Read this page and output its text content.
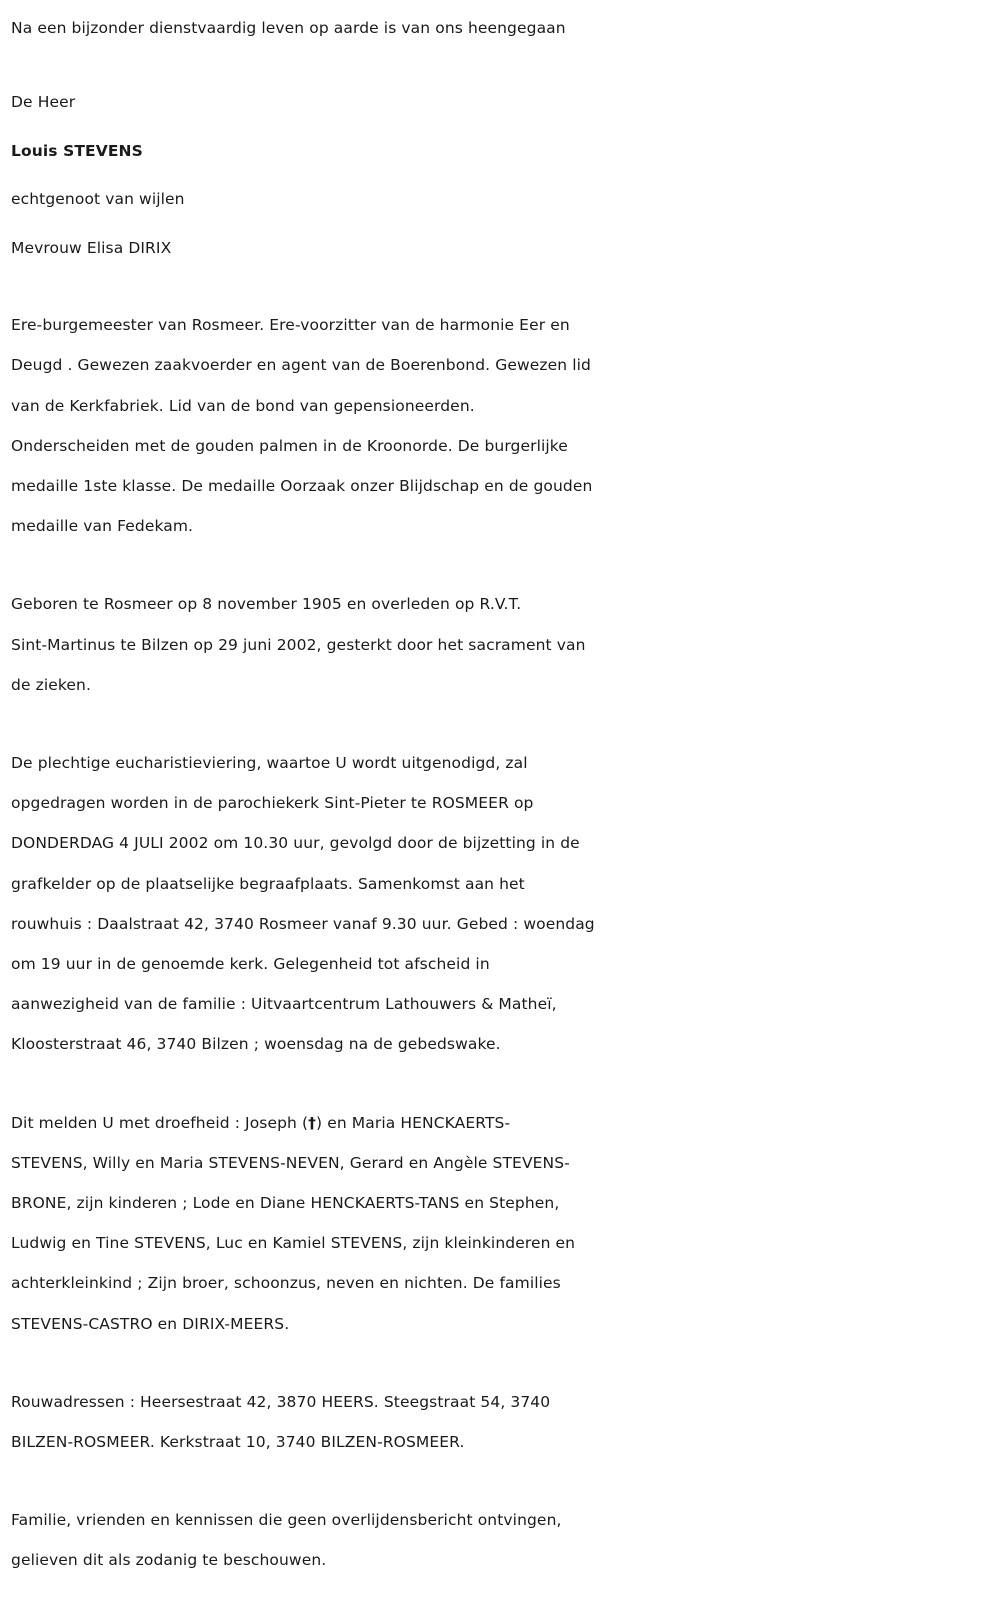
Na een bijzonder dienstvaardig leven op aarde is van ons heengegaan

De Heer
Louis STEVENS
echtgenoot van wijlen
Mevrouw Elisa DIRIX

Ere-burgemeester van Rosmeer. Ere-voorzitter van de harmonie Eer en
Deugd . Gewezen zaakvoerder en agent van de Boerenbond. Gewezen lid
van de Kerkfabriek. Lid van de bond van gepensioneerden.
Onderscheiden met de gouden palmen in de Kroonorde. De burgerlijke
medaille 1ste klasse. De medaille Oorzaak onzer Blijdschap en de gouden
medaille van Fedekam.

Geboren te Rosmeer op 8 november 1905 en overleden op R.V.T.
Sint-Martinus te Bilzen op 29 juni 2002, gesterkt door het sacrament van
de zieken.

De plechtige eucharistieviering, waartoe U wordt uitgenodigd, zal
opgedragen worden in de parochiekerk Sint-Pieter te ROSMEER op
DONDERDAG 4 JULI 2002 om 10.30 uur, gevolgd door de bijzetting in de
grafkelder op de plaatselijke begraafplaats. Samenkomst aan het
rouwhuis : Daalstraat 42, 3740 Rosmeer vanaf 9.30 uur. Gebed : woendag
om 19 uur in de genoemde kerk. Gelegenheid tot afscheid in
aanwezigheid van de familie : Uitvaartcentrum Lathouwers & Matheï,
Kloosterstraat 46, 3740 Bilzen ; woensdag na de gebedswake.

Dit melden U met droefheid : Joseph (†) en Maria HENCKAERTS-
STEVENS, Willy en Maria STEVENS-NEVEN, Gerard en Angèle STEVENS-
BRONE, zijn kinderen ; Lode en Diane HENCKAERTS-TANS en Stephen,
Ludwig en Tine STEVENS, Luc en Kamiel STEVENS, zijn kleinkinderen en
achterkleinkind ; Zijn broer, schoonzus, neven en nichten. De families
STEVENS-CASTRO en DIRIX-MEERS.

Rouwadressen : Heersestraat 42, 3870 HEERS. Steegstraat 54, 3740
BILZEN-ROSMEER. Kerkstraat 10, 3740 BILZEN-ROSMEER.

Familie, vrienden en kennissen die geen overlijdensbericht ontvingen,
gelieven dit als zodanig te beschouwen.
